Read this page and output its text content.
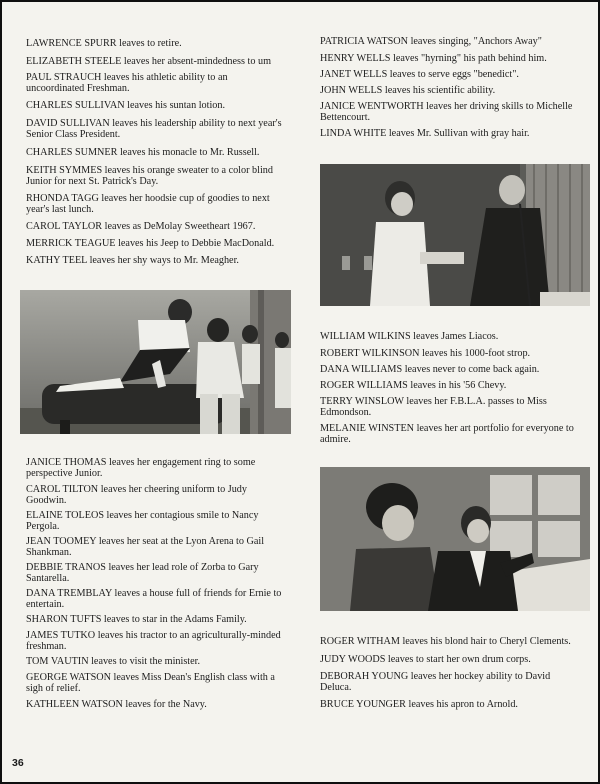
LAWRENCE SPURR leaves to retire.

ELIZABETH STEELE leaves her absent-mindedness to um

PAUL STRAUCH leaves his athletic ability to an uncoordinated Freshman.

CHARLES SULLIVAN leaves his suntan lotion.

DAVID SULLIVAN leaves his leadership ability to next year's Senior Class President.

CHARLES SUMNER leaves his monacle to Mr. Russell.

KEITH SYMMES leaves his orange sweater to a color blind Junior for next St. Patrick's Day.

RHONDA TAGG leaves her hoodsie cup of goodies to next year's last lunch.

CAROL TAYLOR leaves as DeMolay Sweetheart 1967.

MERRICK TEAGUE leaves his Jeep to Debbie MacDonald.

KATHY TEEL leaves her shy ways to Mr. Meagher.

JANICE THOMAS leaves her engagement ring to some perspective Junior.

CAROL TILTON leaves her cheering uniform to Judy Goodwin.

ELAINE TOLEOS leaves her contagious smile to Nancy Pergola.

JEAN TOOMEY leaves her seat at the Lyon Arena to Gail Shankman.

DEBBIE TRANOS leaves her lead role of Zorba to Gary Santarella.

DANA TREMBLAY leaves a house full of friends for Ernie to entertain.

SHARON TUFTS leaves to star in the Adams Family.

JAMES TUTKO leaves his tractor to an agriculturally-minded freshman.

TOM VAUTIN leaves to visit the minister.

GEORGE WATSON leaves Miss Dean's English class with a sigh of relief.

KATHLEEN WATSON leaves for the Navy.

PATRICIA WATSON leaves singing, "Anchors Away"

HENRY WELLS leaves "hyrning" his path behind him.

JANET WELLS leaves to serve eggs "benedict".

JOHN WELLS leaves his scientific ability.

JANICE WENTWORTH leaves her driving skills to Michelle Bettencourt.

LINDA WHITE leaves Mr. Sullivan with gray hair.

WILLIAM WILKINS leaves James Liacos.

ROBERT WILKINSON leaves his 1000-foot strop.

DANA WILLIAMS leaves never to come back again.

ROGER WILLIAMS leaves in his '56 Chevy.

TERRY WINSLOW leaves her F.B.L.A. passes to Miss Edmondson.

MELANIE WINSTEN leaves her art portfolio for everyone to admire.

ROGER WITHAM leaves his blond hair to Cheryl Clements.

JUDY WOODS leaves to start her own drum corps.

DEBORAH YOUNG leaves her hockey ability to David Deluca.

BRUCE YOUNGER leaves his apron to Arnold.

36
